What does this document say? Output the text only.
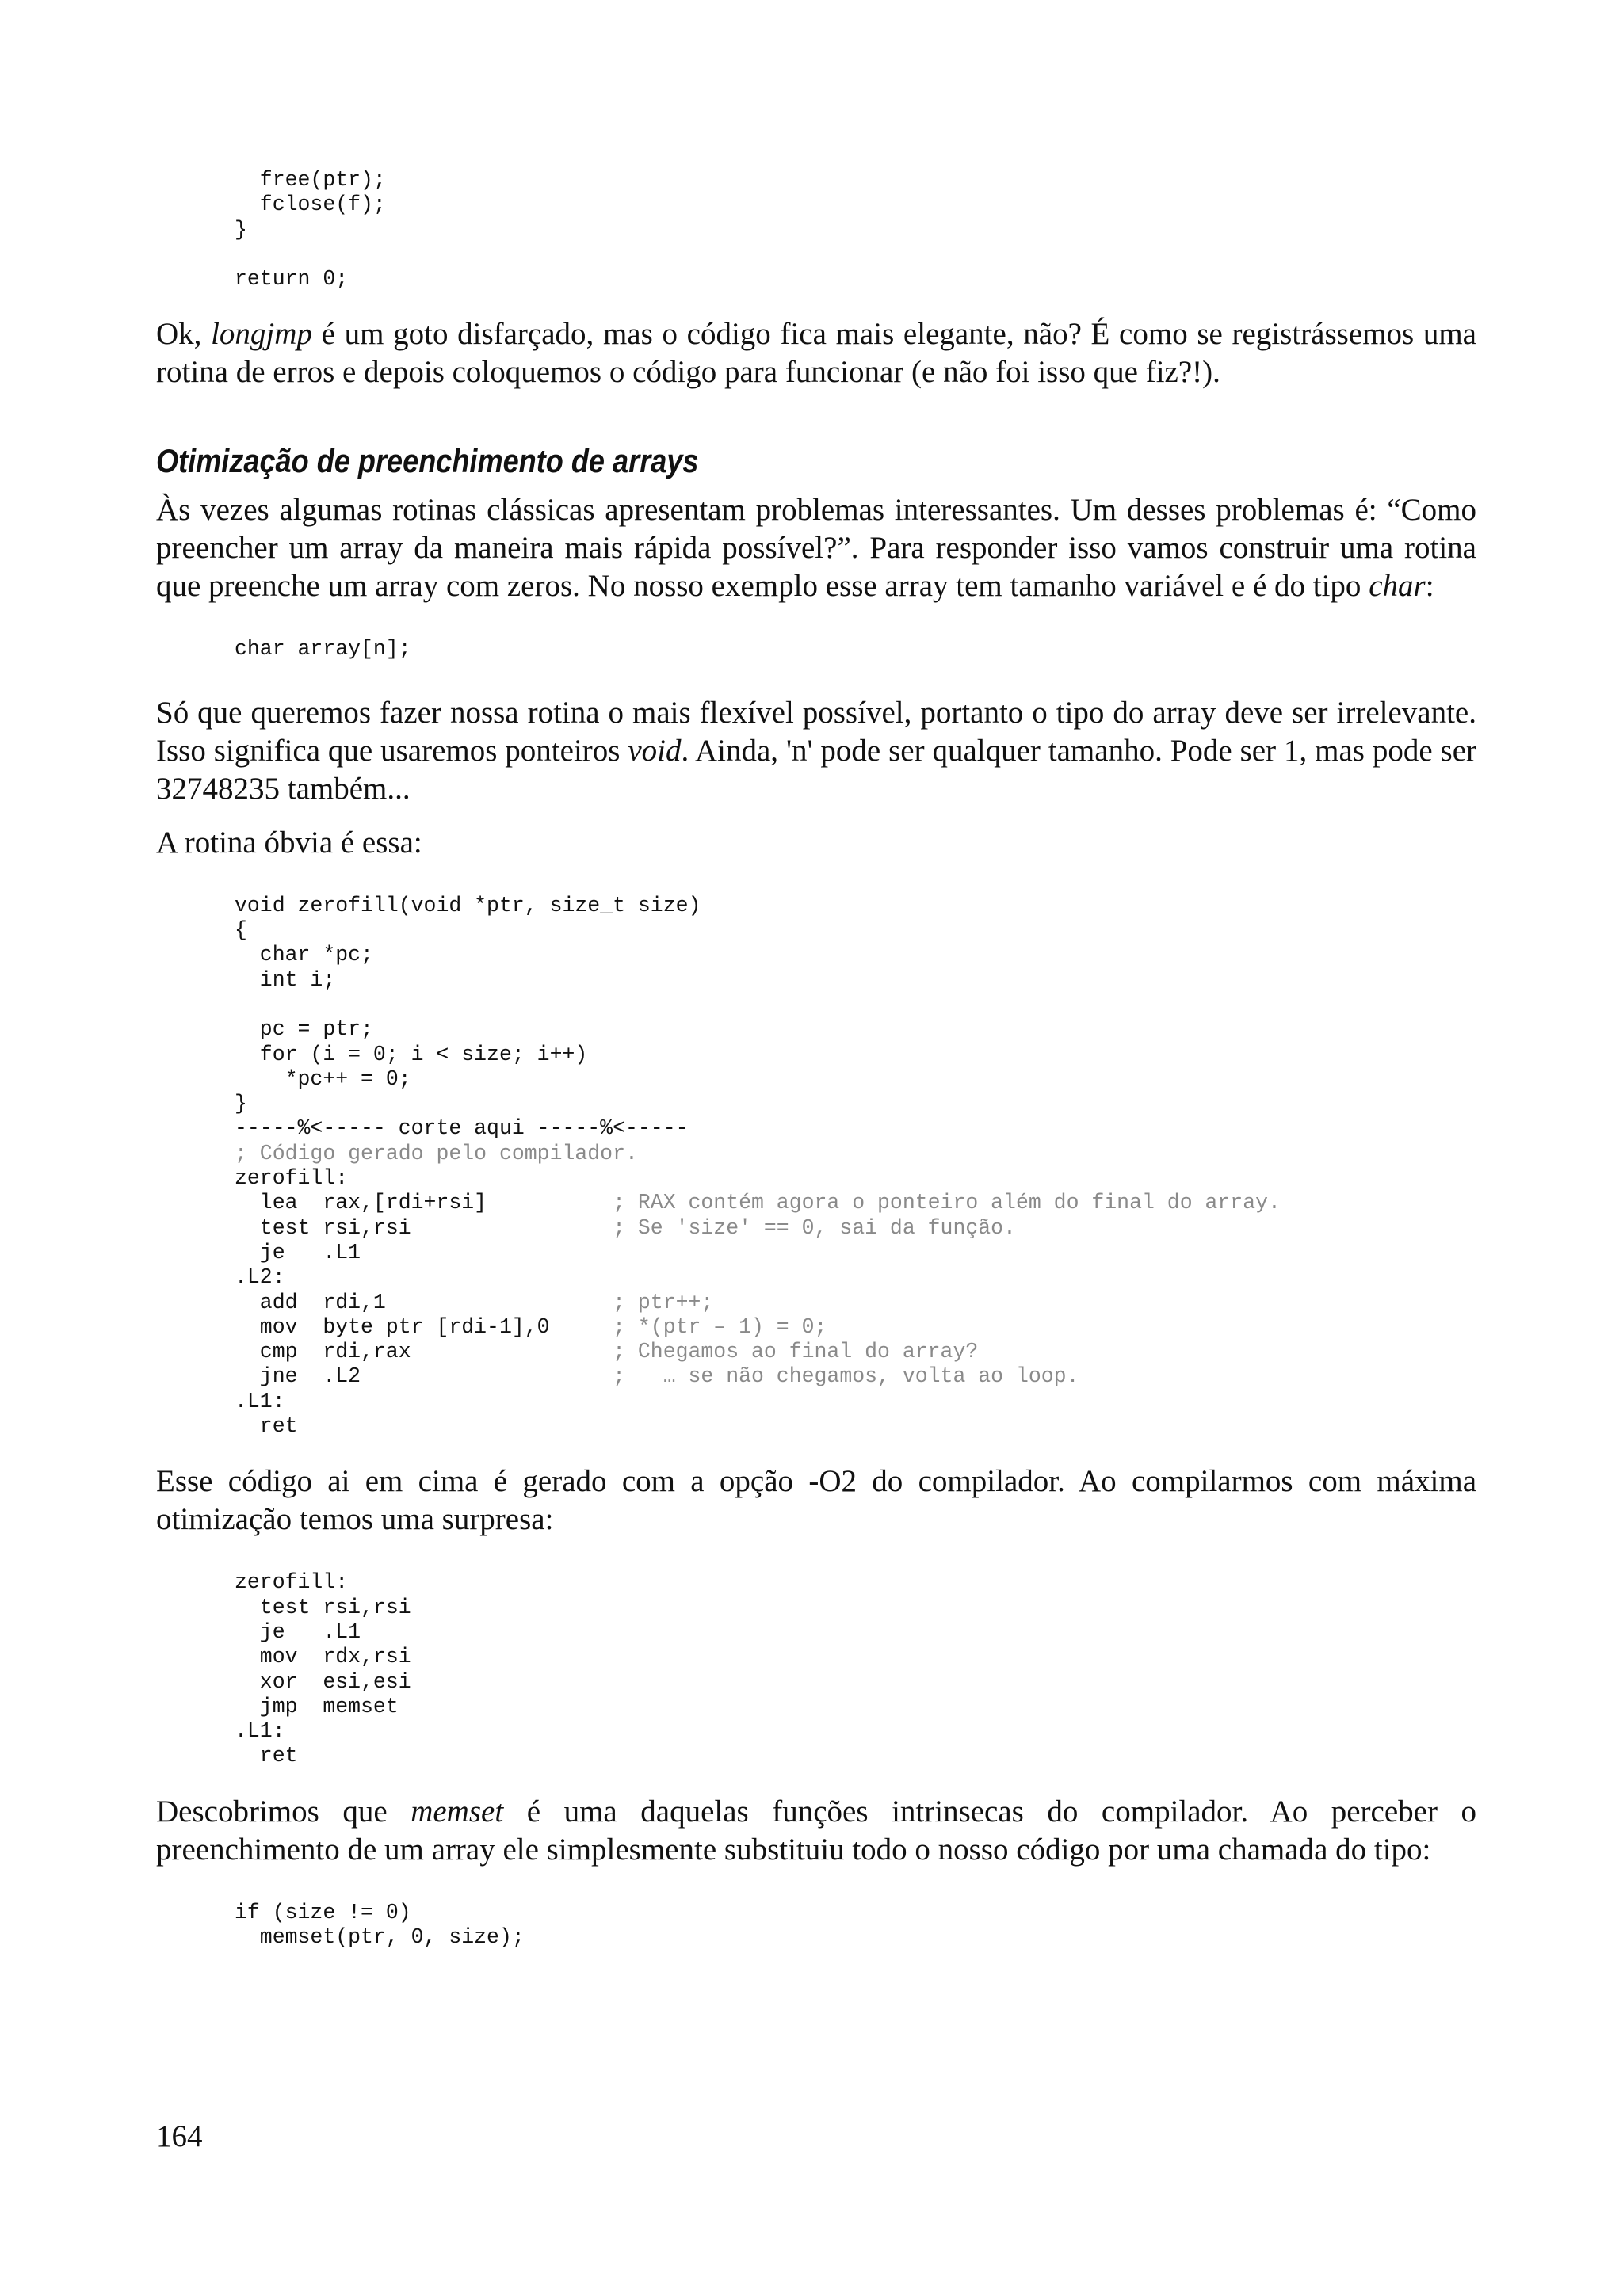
free(ptr);
fclose(f);
}

return 0;

Ok, longjmp é um goto disfarçado, mas o código fica mais elegante, não? É como se registrássemos uma rotina de erros e depois coloquemos o código para funcionar (e não foi isso que fiz?!).

Otimização de preenchimento de arrays

Às vezes algumas rotinas clássicas apresentam problemas interessantes. Um desses problemas é: “Como preencher um array da maneira mais rápida possível?”. Para responder isso vamos construir uma rotina que preenche um array com zeros. No nosso exemplo esse array tem tamanho variável e é do tipo char:

char array[n];

Só que queremos fazer nossa rotina o mais flexível possível, portanto o tipo do array deve ser irrelevante. Isso significa que usaremos ponteiros void. Ainda, 'n' pode ser qualquer tamanho. Pode ser 1, mas pode ser 32748235 também...

A rotina óbvia é essa:

void zerofill(void *ptr, size_t size)
{
char *pc;
int i;

pc = ptr;
for (i = 0; i < size; i++)
*pc++ = 0;
}
-----%<----- corte aqui -----%<-----
; Código gerado pelo compilador.
zerofill:
lea  rax,[rdi+rsi]          ; RAX contém agora o ponteiro além do final do array.
test rsi,rsi                ; Se 'size' == 0, sai da função.
je   .L1
.L2:
add  rdi,1                  ; ptr++;
mov  byte ptr [rdi-1],0     ; *(ptr – 1) = 0;
cmp  rdi,rax                ; Chegamos ao final do array?
jne  .L2                    ;   … se não chegamos, volta ao loop.
.L1:
ret

Esse código ai em cima é gerado com a opção -O2 do compilador. Ao compilarmos com máxima otimização temos uma surpresa:

zerofill:
test rsi,rsi
je   .L1
mov  rdx,rsi
xor  esi,esi
jmp  memset
.L1:
ret

Descobrimos que memset é uma daquelas funções intrinsecas do compilador. Ao perceber o preenchimento de um array ele simplesmente substituiu todo o nosso código por uma chamada do tipo:

if (size != 0)
memset(ptr, 0, size);
164
